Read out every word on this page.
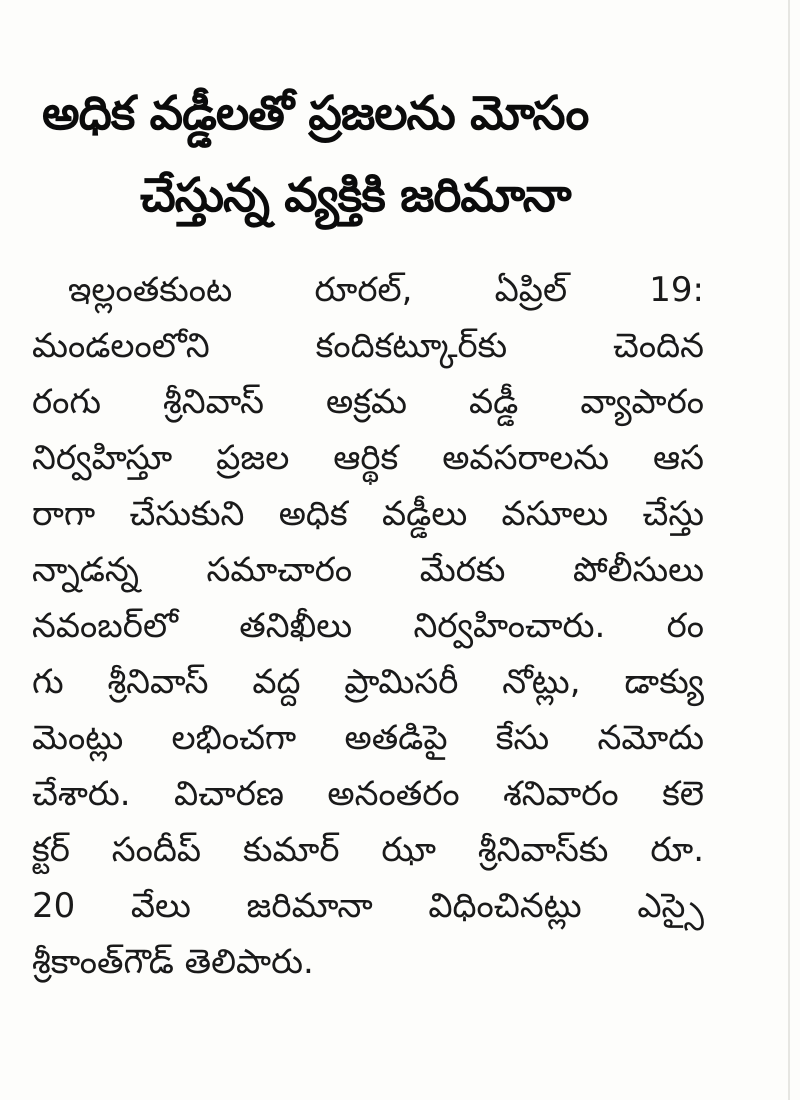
అధిక వడ్డీలతో ప్రజలను మోసం
చేస్తున్న వ్యక్తికి జరిమానా
ఇల్లంతకుంట రూరల్, ఏప్రిల్ 19:
మండలంలోని కందికట్కూర్‌కు చెందిన
రంగు శ్రీనివాస్ అక్రమ వడ్డీ వ్యాపారం
నిర్వహిస్తూ ప్రజల ఆర్థిక అవసరాలను ఆస
రాగా చేసుకుని అధిక వడ్డీలు వసూలు చేస్తు
న్నాడన్న సమాచారం మేరకు పోలీసులు
నవంబర్‌లో తనిఖీలు నిర్వహించారు. రం
గు శ్రీనివాస్ వద్ద ప్రామిసరీ నోట్లు, డాక్యు
మెంట్లు లభించగా అతడిపై కేసు నమోదు
చేశారు. విచారణ అనంతరం శనివారం కలె
క్టర్ సందీప్ కుమార్ ఝా శ్రీనివాస్‌కు రూ.
20 వేలు జరిమానా విధించినట్లు ఎస్సై
శ్రీకాంత్‌గౌడ్ తెలిపారు.
